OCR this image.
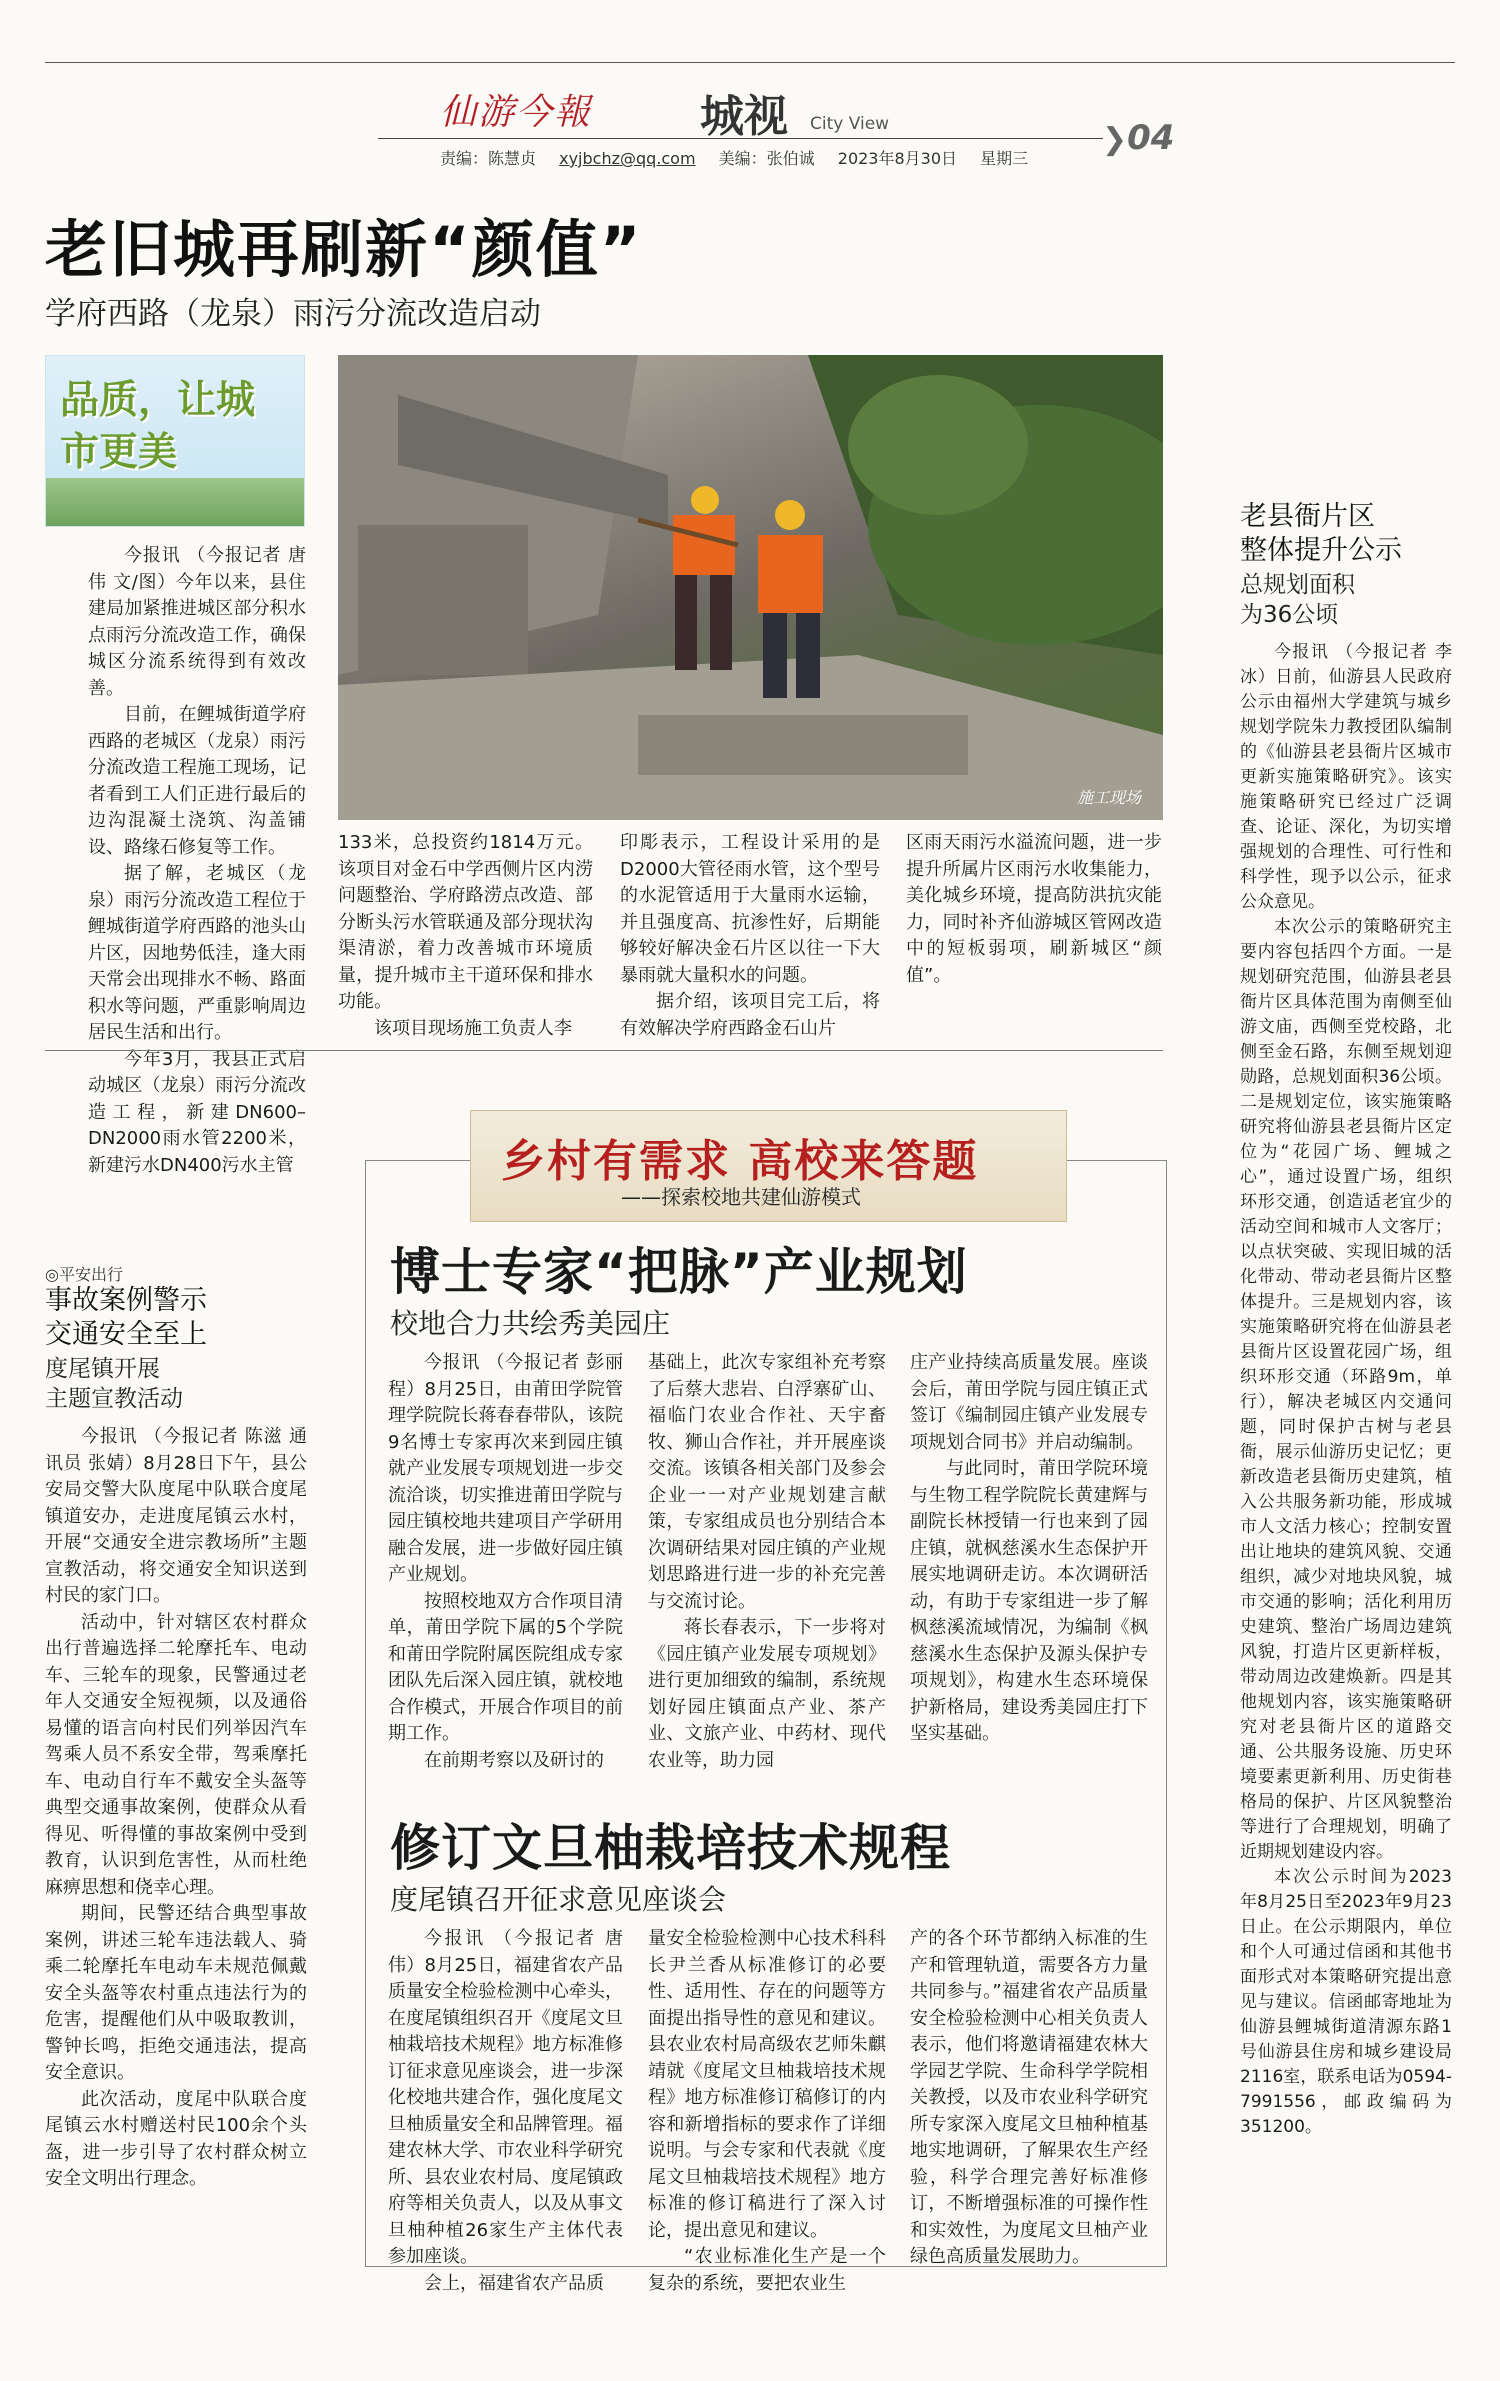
仙游今報 城视 City View	❯04
责编：陈慧贞 xyjbchz@qq.com 美编：张伯诚 2023年8月30日 星期三
老旧城再刷新“颜值”
学府西路（龙泉）雨污分流改造启动
品质，让城市更美
施工现场

今报讯 （今报记者 唐伟 文/图）今年以来，县住建局加紧推进城区部分积水点雨污分流改造工作，确保城区分流系统得到有效改善。

目前，在鲤城街道学府西路的老城区（龙泉）雨污分流改造工程施工现场，记者看到工人们正进行最后的边沟混凝土浇筑、沟盖铺设、路缘石修复等工作。

据了解，老城区（龙泉）雨污分流改造工程位于鲤城街道学府西路的池头山片区，因地势低洼，逢大雨天常会出现排水不畅、路面积水等问题，严重影响周边居民生活和出行。

今年3月，我县正式启动城区（龙泉）雨污分流改造工程，新建DN600–DN2000雨水管2200米，新建污水DN400污水主管

133米，总投资约1814万元。该项目对金石中学西侧片区内涝问题整治、学府路涝点改造、部分断头污水管联通及部分现状沟渠清淤，着力改善城市环境质量，提升城市主干道环保和排水功能。

该项目现场施工负责人李

印彫表示，工程设计采用的是D2000大管径雨水管，这个型号的水泥管适用于大量雨水运输，并且强度高、抗渗性好，后期能够较好解决金石片区以往一下大暴雨就大量积水的问题。

据介绍，该项目完工后，将有效解决学府西路金石山片

区雨天雨污水溢流问题，进一步提升所属片区雨污水收集能力，美化城乡环境，提高防洪抗灾能力，同时补齐仙游城区管网改造中的短板弱项，刷新城区“颜值”。

老县衙片区
整体提升公示
总规划面积
为36公顷

今报讯 （今报记者 李冰）日前，仙游县人民政府公示由福州大学建筑与城乡规划学院朱力教授团队编制的《仙游县老县衙片区城市更新实施策略研究》。该实施策略研究已经过广泛调查、论证、深化，为切实增强规划的合理性、可行性和科学性，现予以公示，征求公众意见。

本次公示的策略研究主要内容包括四个方面。一是规划研究范围，仙游县老县衙片区具体范围为南侧至仙游文庙，西侧至党校路，北侧至金石路，东侧至规划迎勋路，总规划面积36公顷。二是规划定位，该实施策略研究将仙游县老县衙片区定位为“花园广场、鲤城之心”，通过设置广场，组织环形交通，创造适老宜少的活动空间和城市人文客厅；以点状突破、实现旧城的活化带动、带动老县衙片区整体提升。三是规划内容，该实施策略研究将在仙游县老县衙片区设置花园广场，组织环形交通（环路9m，单行），解决老城区内交通问题，同时保护古树与老县衙，展示仙游历史记忆；更新改造老县衙历史建筑，植入公共服务新功能，形成城市人文活力核心；控制安置出让地块的建筑风貌、交通组织，减少对地块风貌，城市交通的影响；活化利用历史建筑、整治广场周边建筑风貌，打造片区更新样板，带动周边改建焕新。四是其他规划内容，该实施策略研究对老县衙片区的道路交通、公共服务设施、历史环境要素更新利用、历史街巷格局的保护、片区风貌整治等进行了合理规划，明确了近期规划建设内容。

本次公示时间为2023年8月25日至2023年9月23日止。在公示期限内，单位和个人可通过信函和其他书面形式对本策略研究提出意见与建议。信函邮寄地址为仙游县鲤城街道清源东路1号仙游县住房和城乡建设局2116室，联系电话为0594-7991556，邮政编码为351200。

◎平安出行
事故案例警示
交通安全至上
度尾镇开展
主题宣教活动

今报讯 （今报记者 陈滋 通讯员 张婧）8月28日下午，县公安局交警大队度尾中队联合度尾镇道安办，走进度尾镇云水村，开展“交通安全进宗教场所”主题宣教活动，将交通安全知识送到村民的家门口。

活动中，针对辖区农村群众出行普遍选择二轮摩托车、电动车、三轮车的现象，民警通过老年人交通安全短视频，以及通俗易懂的语言向村民们列举因汽车驾乘人员不系安全带，驾乘摩托车、电动自行车不戴安全头盔等典型交通事故案例，使群众从看得见、听得懂的事故案例中受到教育，认识到危害性，从而杜绝麻痹思想和侥幸心理。

期间，民警还结合典型事故案例，讲述三轮车违法载人、骑乘二轮摩托车电动车未规范佩戴安全头盔等农村重点违法行为的危害，提醒他们从中吸取教训，警钟长鸣，拒绝交通违法，提高安全意识。

此次活动，度尾中队联合度尾镇云水村赠送村民100余个头盔，进一步引导了农村群众树立安全文明出行理念。

乡村有需求 高校来答题
——探索校地共建仙游模式
博士专家“把脉”产业规划
校地合力共绘秀美园庄

今报讯 （今报记者 彭丽程）8月25日，由莆田学院管理学院院长蒋春春带队，该院9名博士专家再次来到园庄镇就产业发展专项规划进一步交流洽谈，切实推进莆田学院与园庄镇校地共建项目产学研用融合发展，进一步做好园庄镇产业规划。

按照校地双方合作项目清单，莆田学院下属的5个学院和莆田学院附属医院组成专家团队先后深入园庄镇，就校地合作模式，开展合作项目的前期工作。

在前期考察以及研讨的

基础上，此次专家组补充考察了后蔡大悲岩、白浮寨矿山、福临门农业合作社、天宇畜牧、狮山合作社，并开展座谈交流。该镇各相关部门及参会企业一一对产业规划建言献策，专家组成员也分别结合本次调研结果对园庄镇的产业规划思路进行进一步的补充完善与交流讨论。

蒋长春表示，下一步将对《园庄镇产业发展专项规划》进行更加细致的编制，系统规划好园庄镇面点产业、茶产业、文旅产业、中药材、现代农业等，助力园

庄产业持续高质量发展。座谈会后，莆田学院与园庄镇正式签订《编制园庄镇产业发展专项规划合同书》并启动编制。

与此同时，莆田学院环境与生物工程学院院长黄建辉与副院长林授锖一行也来到了园庄镇，就枫慈溪水生态保护开展实地调研走访。本次调研活动，有助于专家组进一步了解枫慈溪流域情况，为编制《枫慈溪水生态保护及源头保护专项规划》，构建水生态环境保护新格局，建设秀美园庄打下坚实基础。

修订文旦柚栽培技术规程
度尾镇召开征求意见座谈会

今报讯 （今报记者 唐伟）8月25日，福建省农产品质量安全检验检测中心牵头，在度尾镇组织召开《度尾文旦柚栽培技术规程》地方标准修订征求意见座谈会，进一步深化校地共建合作，强化度尾文旦柚质量安全和品牌管理。福建农林大学、市农业科学研究所、县农业农村局、度尾镇政府等相关负责人，以及从事文旦柚种植26家生产主体代表参加座谈。

会上，福建省农产品质

量安全检验检测中心技术科科长尹兰香从标准修订的必要性、适用性、存在的问题等方面提出指导性的意见和建议。县农业农村局高级农艺师朱麒靖就《度尾文旦柚栽培技术规程》地方标准修订稿修订的内容和新增指标的要求作了详细说明。与会专家和代表就《度尾文旦柚栽培技术规程》地方标准的修订稿进行了深入讨论，提出意见和建议。

“农业标准化生产是一个复杂的系统，要把农业生

产的各个环节都纳入标准的生产和管理轨道，需要各方力量共同参与。”福建省农产品质量安全检验检测中心相关负责人表示，他们将邀请福建农林大学园艺学院、生命科学学院相关教授，以及市农业科学研究所专家深入度尾文旦柚种植基地实地调研，了解果农生产经验，科学合理完善好标准修订，不断增强标准的可操作性和实效性，为度尾文旦柚产业绿色高质量发展助力。
